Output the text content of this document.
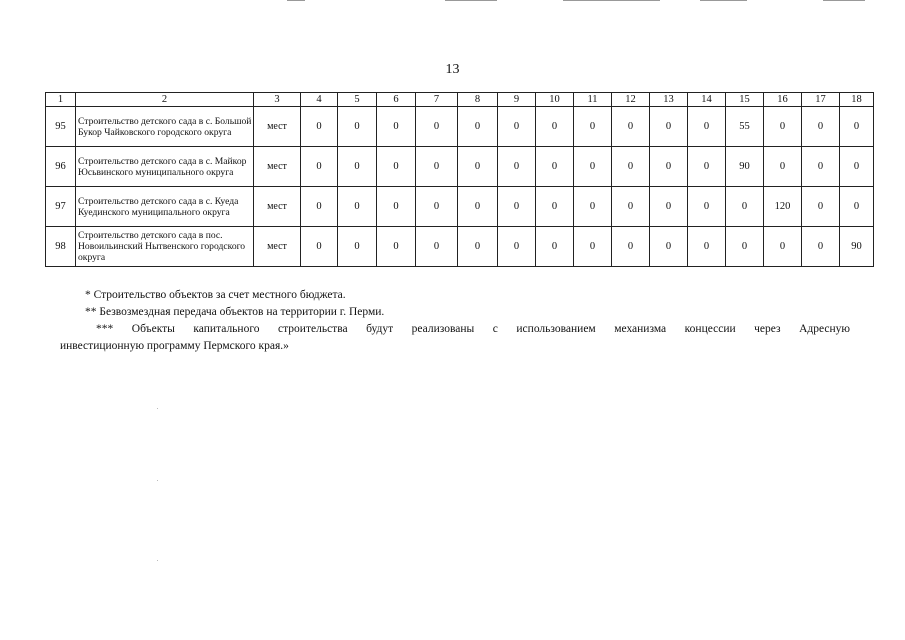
13
1	2	3	4	5	6	7	8	9	10	11	12	13	14	15	16	17	18
95	Строительство детского сада в с. Большой Букор Чайковского городского округа	мест	0	0	0	0	0	0	0	0	0	0	0	55	0	0	0
96	Строительство детского сада в с. Майкор Юсьвинского муниципального округа	мест	0	0	0	0	0	0	0	0	0	0	0	90	0	0	0
97	Строительство детского сада в с. Куеда Куединского муниципального округа	мест	0	0	0	0	0	0	0	0	0	0	0	0	120	0	0
98	Строительство детского сада в пос. Новоильинский Нытвенского городского округа	мест	0	0	0	0	0	0	0	0	0	0	0	0	0	0	90

* Строительство объектов за счет местного бюджета.

** Безвозмездная передача объектов на территории г. Перми.

*** Объекты капитального строительства будут реализованы с использованием механизма концессии через Адресную

инвестиционную программу Пермского края.»
